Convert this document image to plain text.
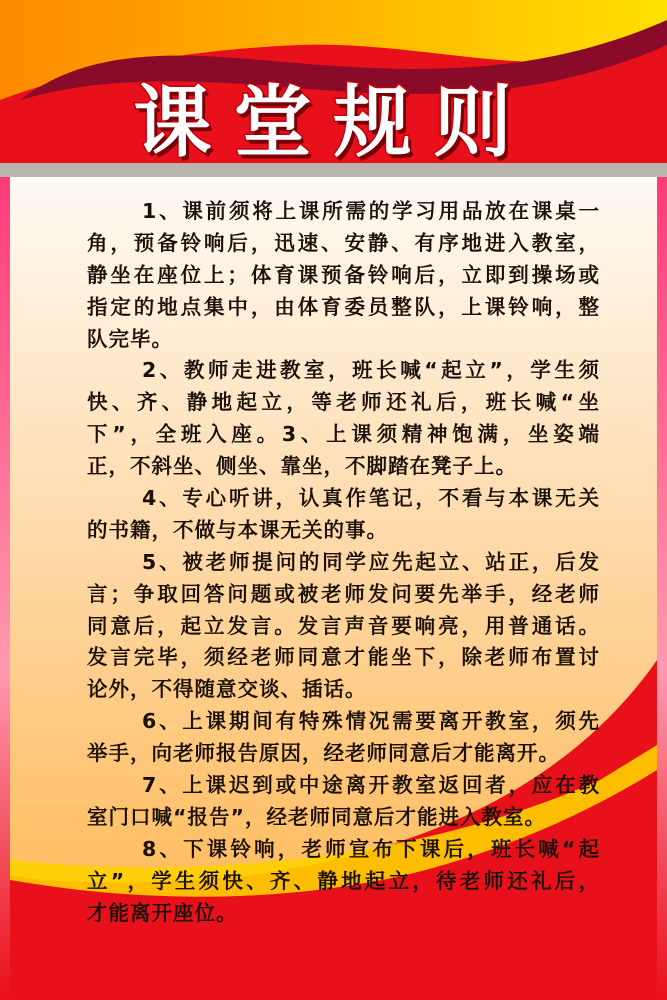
课堂规则
1、课前须将上课所需的学习用品放在课桌一
角，预备铃响后，迅速、安静、有序地进入教室，
静坐在座位上；体育课预备铃响后，立即到操场或
指定的地点集中，由体育委员整队，上课铃响，整
队完毕。
2、教师走进教室，班长喊“起立”，学生须
快、齐、静地起立，等老师还礼后，班长喊“坐
下”，全班入座。3、上课须精神饱满，坐姿端
正，不斜坐、侧坐、靠坐，不脚踏在凳子上。
4、专心听讲，认真作笔记，不看与本课无关
的书籍，不做与本课无关的事。
5、被老师提问的同学应先起立、站正，后发
言；争取回答问题或被老师发问要先举手，经老师
同意后，起立发言。发言声音要响亮，用普通话。
发言完毕，须经老师同意才能坐下，除老师布置讨
论外，不得随意交谈、插话。
6、上课期间有特殊情况需要离开教室，须先
举手，向老师报告原因，经老师同意后才能离开。
7、上课迟到或中途离开教室返回者，应在教
室门口喊“报告”，经老师同意后才能进入教室。
8、下课铃响，老师宣布下课后，班长喊“起
立”，学生须快、齐、静地起立，待老师还礼后，
才能离开座位。
